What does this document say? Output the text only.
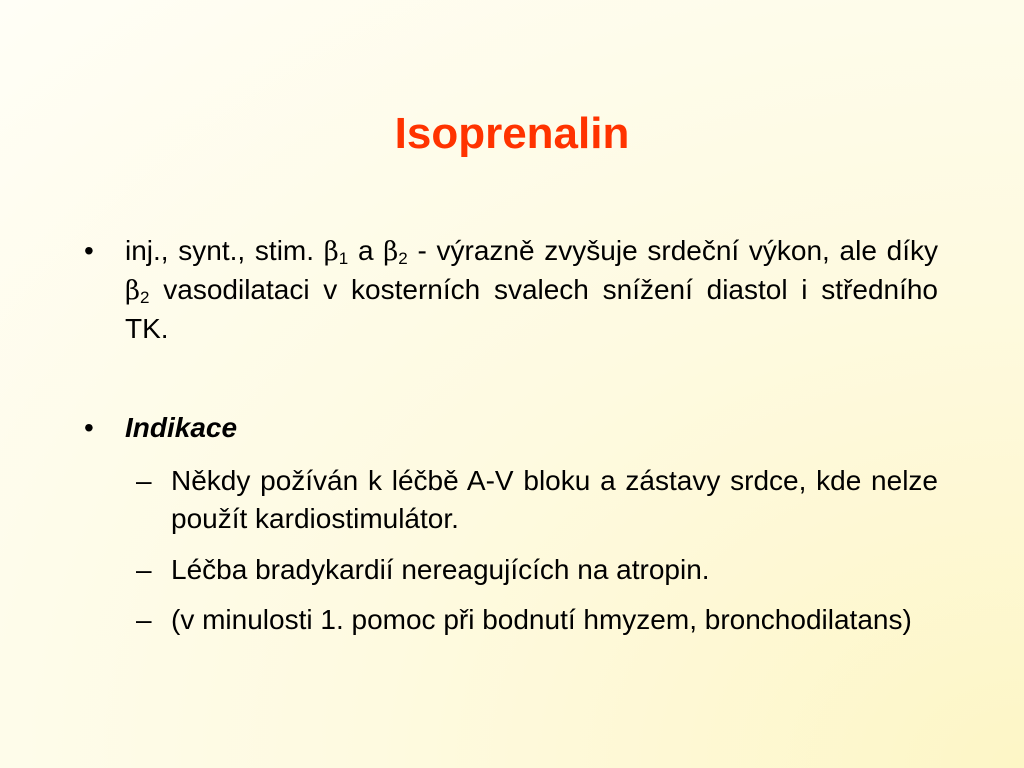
Isoprenalin
•	inj., synt., stim. $\beta_1$ a $\beta_2$ - výrazně zvyšuje srdeční výkon, ale díky $\beta_2$ vasodilataci v kosterních svalech snížení diastol i středního TK.
•	Indikace
– Někdy požíván k léčbě A-V bloku a zástavy srdce, kde nelze použít kardiostimulátor.
– Léčba bradykardií nereagujících na atropin.
– (v minulosti 1. pomoc při bodnutí hmyzem, bronchodilatans)
